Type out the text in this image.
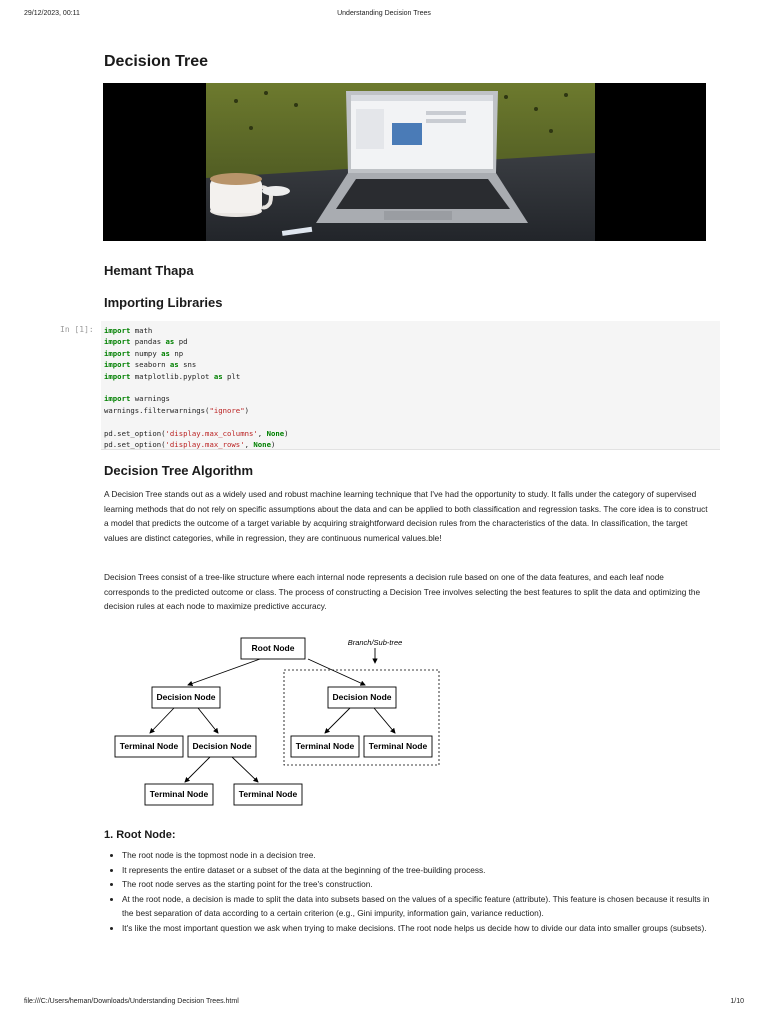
29/12/2023, 00:11	Understanding Decision Trees
Decision Tree
Hemant Thapa
Importing Libraries
In [1]: import math
import pandas as pd
import numpy as np
import seaborn as sns
import matplotlib.pyplot as plt

import warnings
warnings.filterwarnings("ignore")

pd.set_option('display.max_columns', None)
pd.set_option('display.max_rows', None)
Decision Tree Algorithm

A Decision Tree stands out as a widely used and robust machine learning technique that I've had the opportunity to study. It falls under the category of supervised learning methods that do not rely on specific assumptions about the data and can be applied to both classification and regression tasks. The core idea is to construct a model that predicts the outcome of a target variable by acquiring straightforward decision rules from the characteristics of the data. In classification, the target values are distinct categories, while in regression, they are continuous numerical values.ble!

Decision Trees consist of a tree-like structure where each internal node represents a decision rule based on one of the data features, and each leaf node corresponds to the predicted outcome or class. The process of constructing a Decision Tree involves selecting the best features to split the data and optimizing the decision rules at each node to maximize predictive accuracy.

Root Node
Decision Node	Decision Node
Terminal Node Decision Node	Terminal Node Terminal Node
Terminal Node	Terminal Node
Branch/Sub-tree
1. Root Node:
• The root node is the topmost node in a decision tree.
• It represents the entire dataset or a subset of the data at the beginning of the tree-building process.
• The root node serves as the starting point for the tree's construction.
• At the root node, a decision is made to split the data into subsets based on the values of a specific feature (attribute). This feature is chosen because it results in the best separation of data according to a certain criterion (e.g., Gini impurity, information gain, variance reduction).
• It's like the most important question we ask when trying to make decisions. tThe root node helps us decide how to divide our data into smaller groups (subsets).
file:///C:/Users/heman/Downloads/Understanding Decision Trees.html	1/10
